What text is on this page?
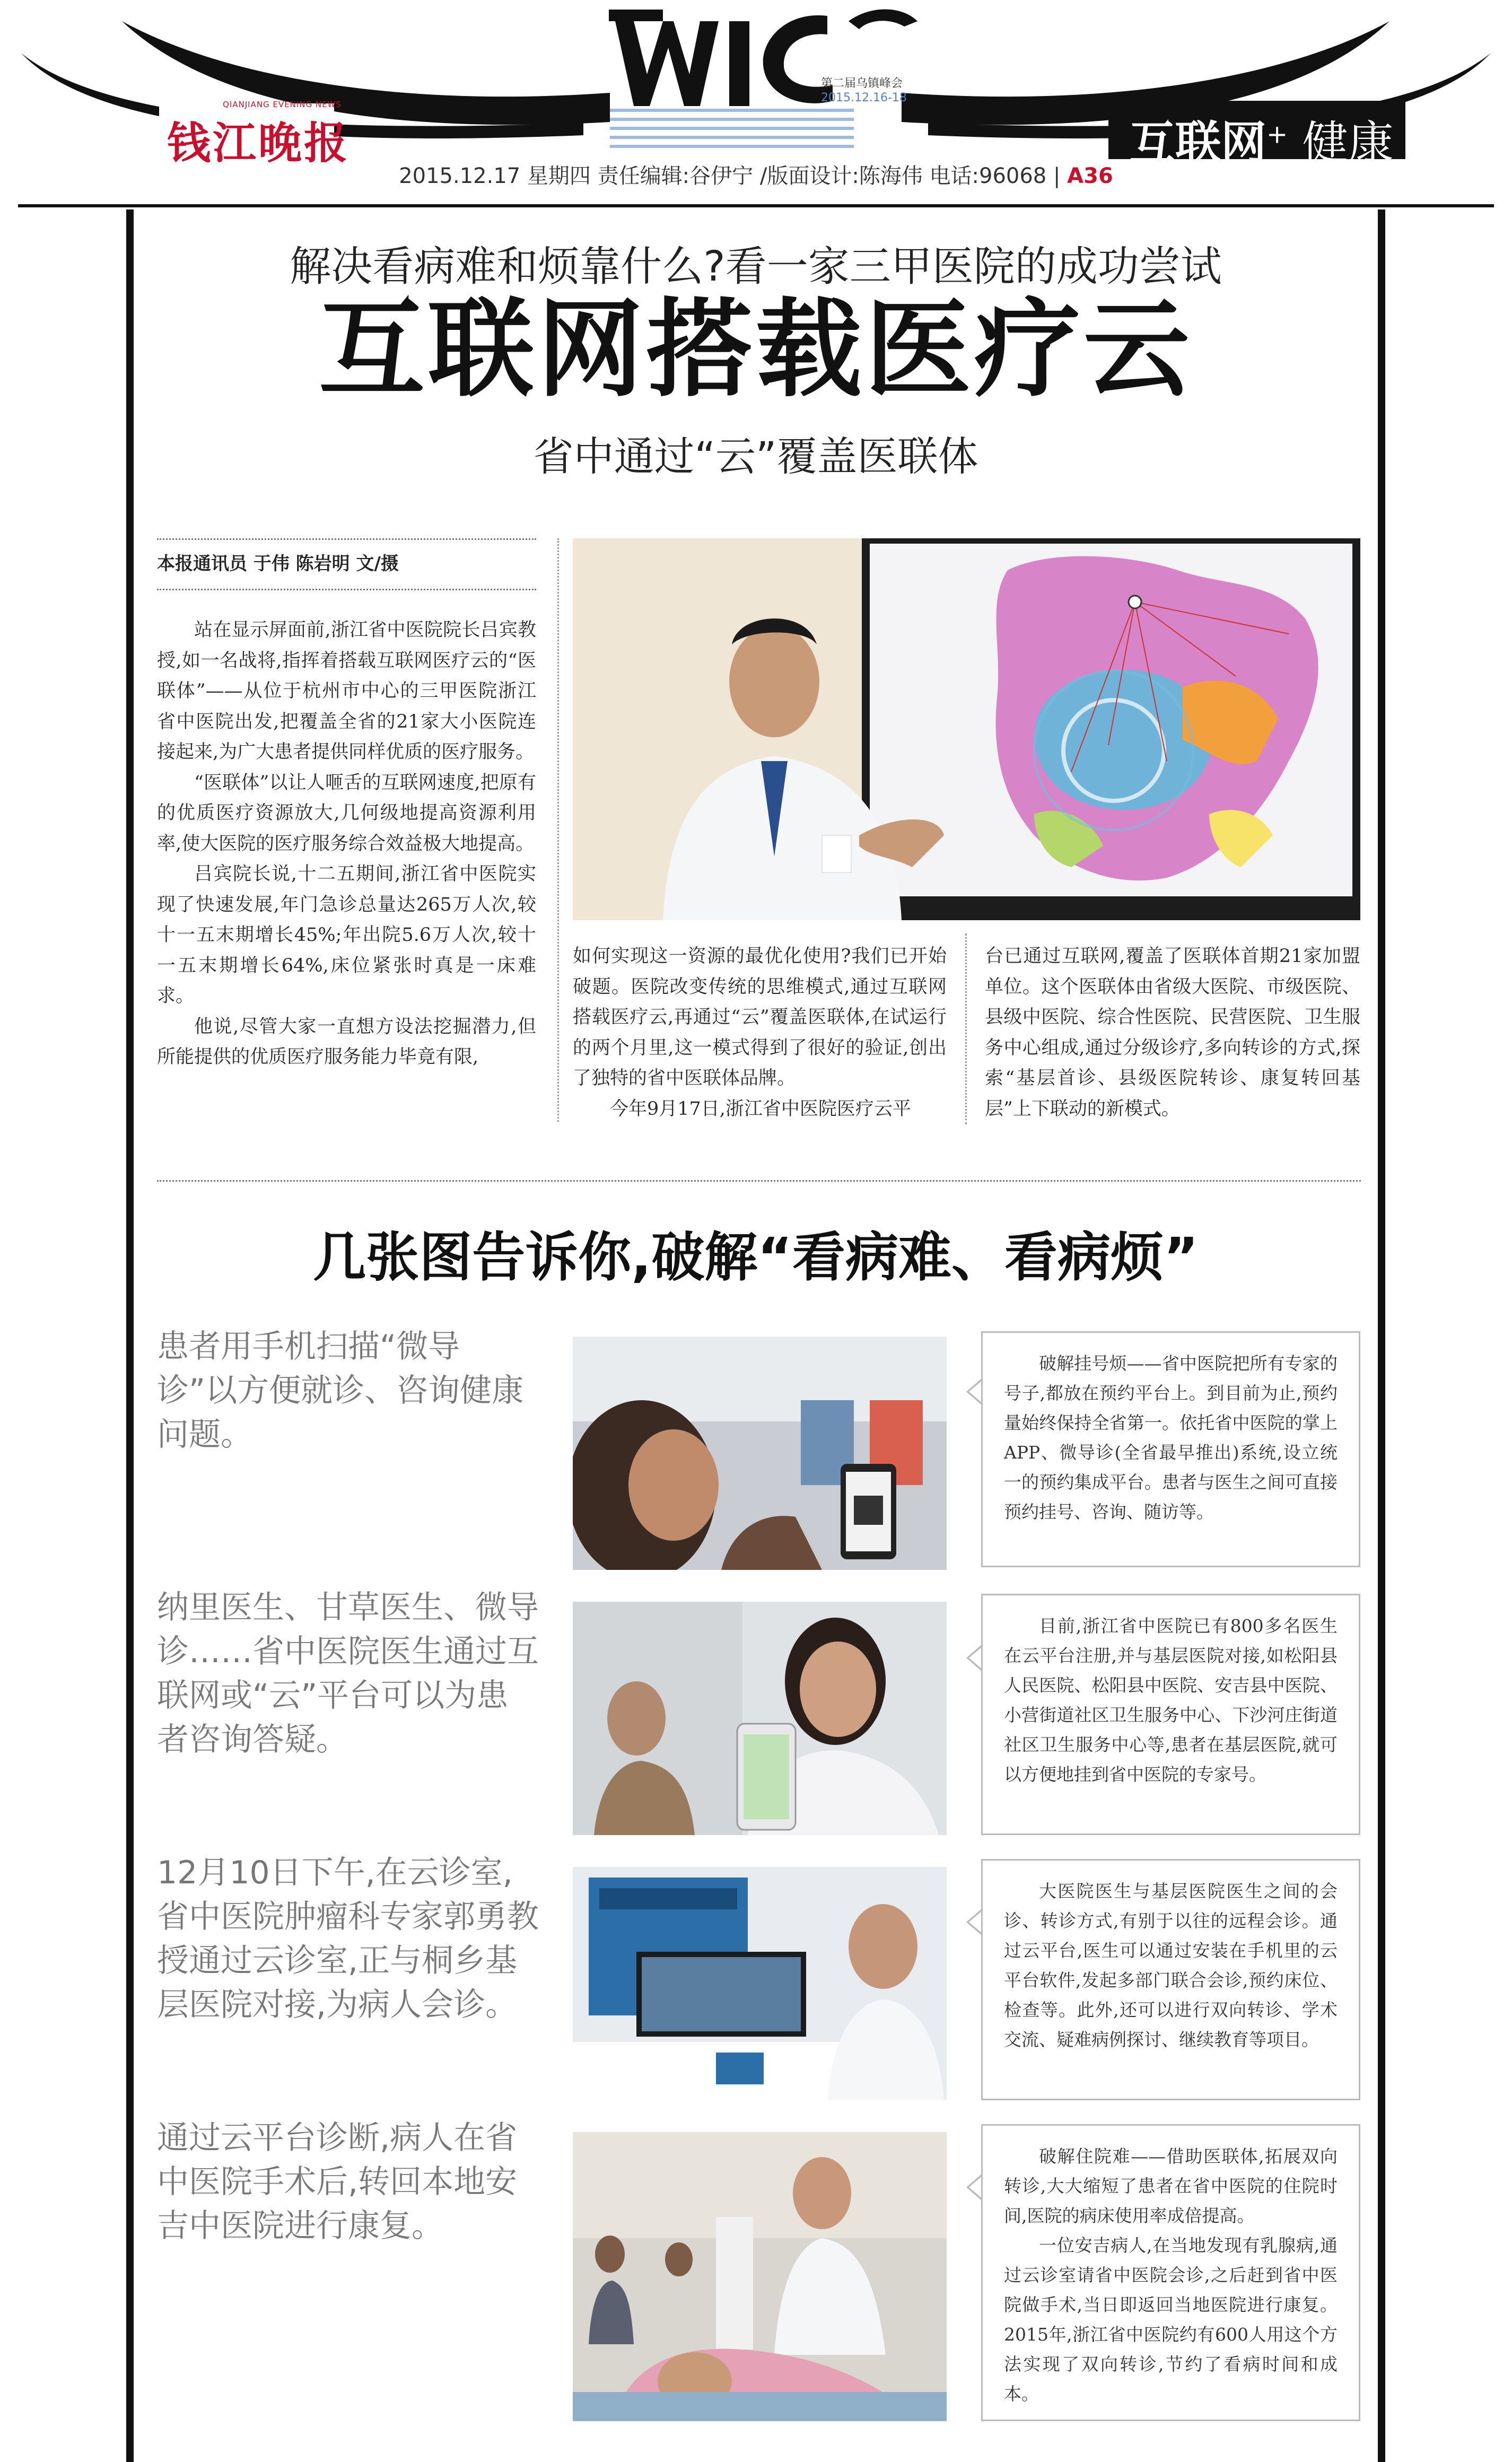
钱江晚报
QIANJIANG EVENING NEWS
第二届乌镇峰会
2015.12.16-18
互联网+ 健康
2015.12.17 星期四 责任编辑:谷伊宁 /版面设计:陈海伟 电话:96068 | A36
解决看病难和烦靠什么?看一家三甲医院的成功尝试
互联网搭载医疗云
省中通过“云”覆盖医联体
本报通讯员 于伟 陈岩明 文/摄

站在显示屏面前,浙江省中医院院长吕宾教授,如一名战将,指挥着搭载互联网医疗云的“医联体”——从位于杭州市中心的三甲医院浙江省中医院出发,把覆盖全省的21家大小医院连接起来,为广大患者提供同样优质的医疗服务。

“医联体”以让人咂舌的互联网速度,把原有的优质医疗资源放大,几何级地提高资源利用率,使大医院的医疗服务综合效益极大地提高。

吕宾院长说,十二五期间,浙江省中医院实现了快速发展,年门急诊总量达265万人次,较十一五末期增长45%;年出院5.6万人次,较十一五末期增长64%,床位紧张时真是一床难求。

他说,尽管大家一直想方设法挖掘潜力,但所能提供的优质医疗服务能力毕竟有限,

如何实现这一资源的最优化使用?我们已开始破题。医院改变传统的思维模式,通过互联网搭载医疗云,再通过“云”覆盖医联体,在试运行的两个月里,这一模式得到了很好的验证,创出了独特的省中医联体品牌。

今年9月17日,浙江省中医院医疗云平

台已通过互联网,覆盖了医联体首期21家加盟单位。这个医联体由省级大医院、市级医院、县级中医院、综合性医院、民营医院、卫生服务中心组成,通过分级诊疗,多向转诊的方式,探索“基层首诊、县级医院转诊、康复转回基层”上下联动的新模式。

几张图告诉你,破解“看病难、看病烦”
患者用手机扫描“微导诊”以方便就诊、咨询健康问题。

破解挂号烦——省中医院把所有专家的号子,都放在预约平台上。到目前为止,预约量始终保持全省第一。依托省中医院的掌上APP、微导诊(全省最早推出)系统,设立统一的预约集成平台。患者与医生之间可直接预约挂号、咨询、随访等。

纳里医生、甘草医生、微导诊……省中医院医生通过互联网或“云”平台可以为患者咨询答疑。

目前,浙江省中医院已有800多名医生在云平台注册,并与基层医院对接,如松阳县人民医院、松阳县中医院、安吉县中医院、小营街道社区卫生服务中心、下沙河庄街道社区卫生服务中心等,患者在基层医院,就可以方便地挂到省中医院的专家号。

12月10日下午,在云诊室,省中医院肿瘤科专家郭勇教授通过云诊室,正与桐乡基层医院对接,为病人会诊。

大医院医生与基层医院医生之间的会诊、转诊方式,有别于以往的远程会诊。通过云平台,医生可以通过安装在手机里的云平台软件,发起多部门联合会诊,预约床位、检查等。此外,还可以进行双向转诊、学术交流、疑难病例探讨、继续教育等项目。

通过云平台诊断,病人在省中医院手术后,转回本地安吉中医院进行康复。

破解住院难——借助医联体,拓展双向转诊,大大缩短了患者在省中医院的住院时间,医院的病床使用率成倍提高。

一位安吉病人,在当地发现有乳腺病,通过云诊室请省中医院会诊,之后赶到省中医院做手术,当日即返回当地医院进行康复。2015年,浙江省中医院约有600人用这个方法实现了双向转诊,节约了看病时间和成本。
